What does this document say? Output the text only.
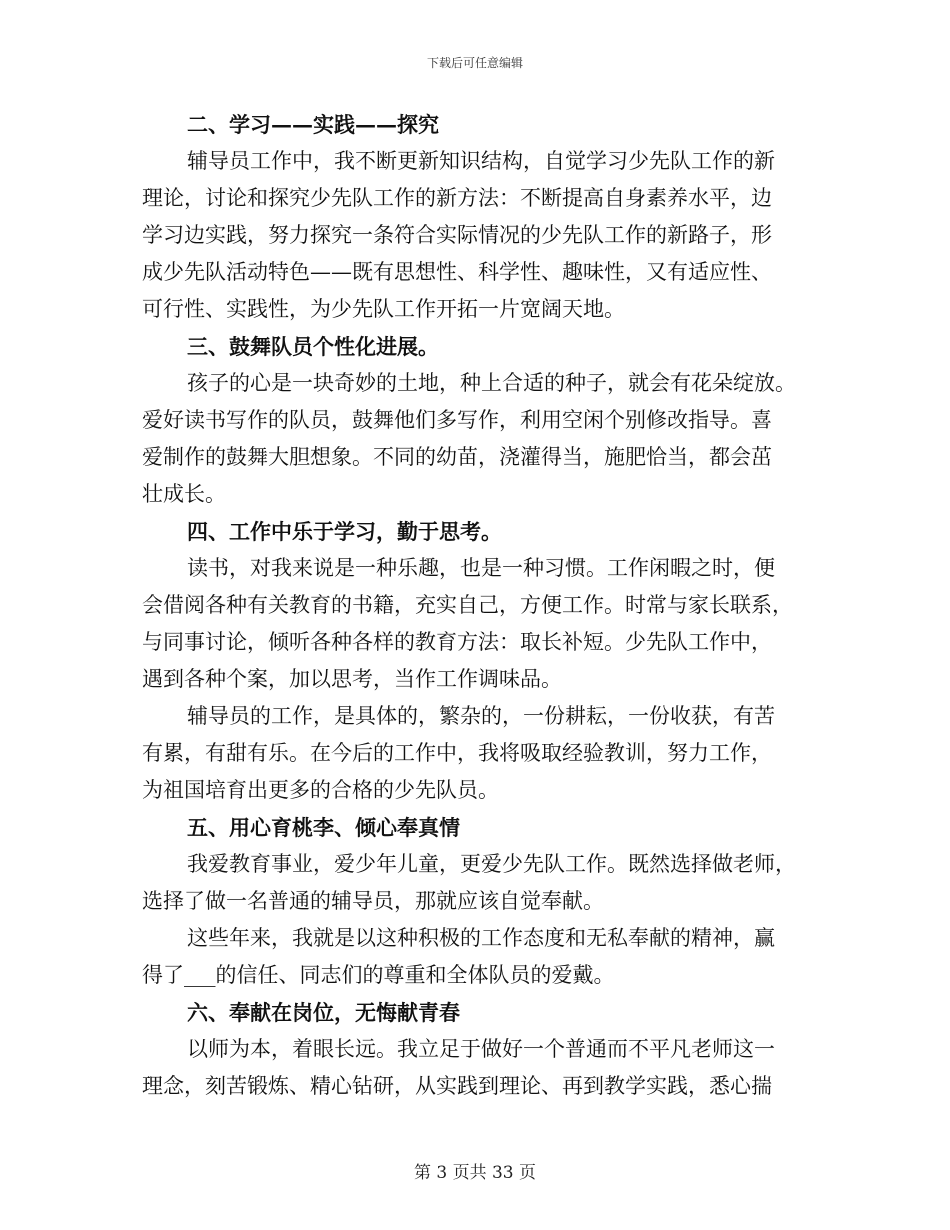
下载后可任意编辑
二、学习——实践——探究
辅导员工作中，我不断更新知识结构，自觉学习少先队工作的新
理论，讨论和探究少先队工作的新方法：不断提高自身素养水平，边
学习边实践，努力探究一条符合实际情况的少先队工作的新路子，形
成少先队活动特色——既有思想性、科学性、趣味性，又有适应性、
可行性、实践性，为少先队工作开拓一片宽阔天地。
三、鼓舞队员个性化进展。
孩子的心是一块奇妙的土地，种上合适的种子，就会有花朵绽放。
爱好读书写作的队员，鼓舞他们多写作，利用空闲个别修改指导。喜
爱制作的鼓舞大胆想象。不同的幼苗，浇灌得当，施肥恰当，都会茁
壮成长。
四、工作中乐于学习，勤于思考。
读书，对我来说是一种乐趣，也是一种习惯。工作闲暇之时，便
会借阅各种有关教育的书籍，充实自己，方便工作。时常与家长联系，
与同事讨论，倾听各种各样的教育方法：取长补短。少先队工作中，
遇到各种个案，加以思考，当作工作调味品。
辅导员的工作，是具体的，繁杂的，一份耕耘，一份收获，有苦
有累，有甜有乐。在今后的工作中，我将吸取经验教训，努力工作，
为祖国培育出更多的合格的少先队员。
五、用心育桃李、倾心奉真情
我爱教育事业，爱少年儿童，更爱少先队工作。既然选择做老师，
选择了做一名普通的辅导员，那就应该自觉奉献。
这些年来，我就是以这种积极的工作态度和无私奉献的精神，赢
得了___的信任、同志们的尊重和全体队员的爱戴。
六、奉献在岗位，无悔献青春
以师为本，着眼长远。我立足于做好一个普通而不平凡老师这一
理念，刻苦锻炼、精心钻研，从实践到理论、再到教学实践，悉心揣
第 3 页共 33 页
